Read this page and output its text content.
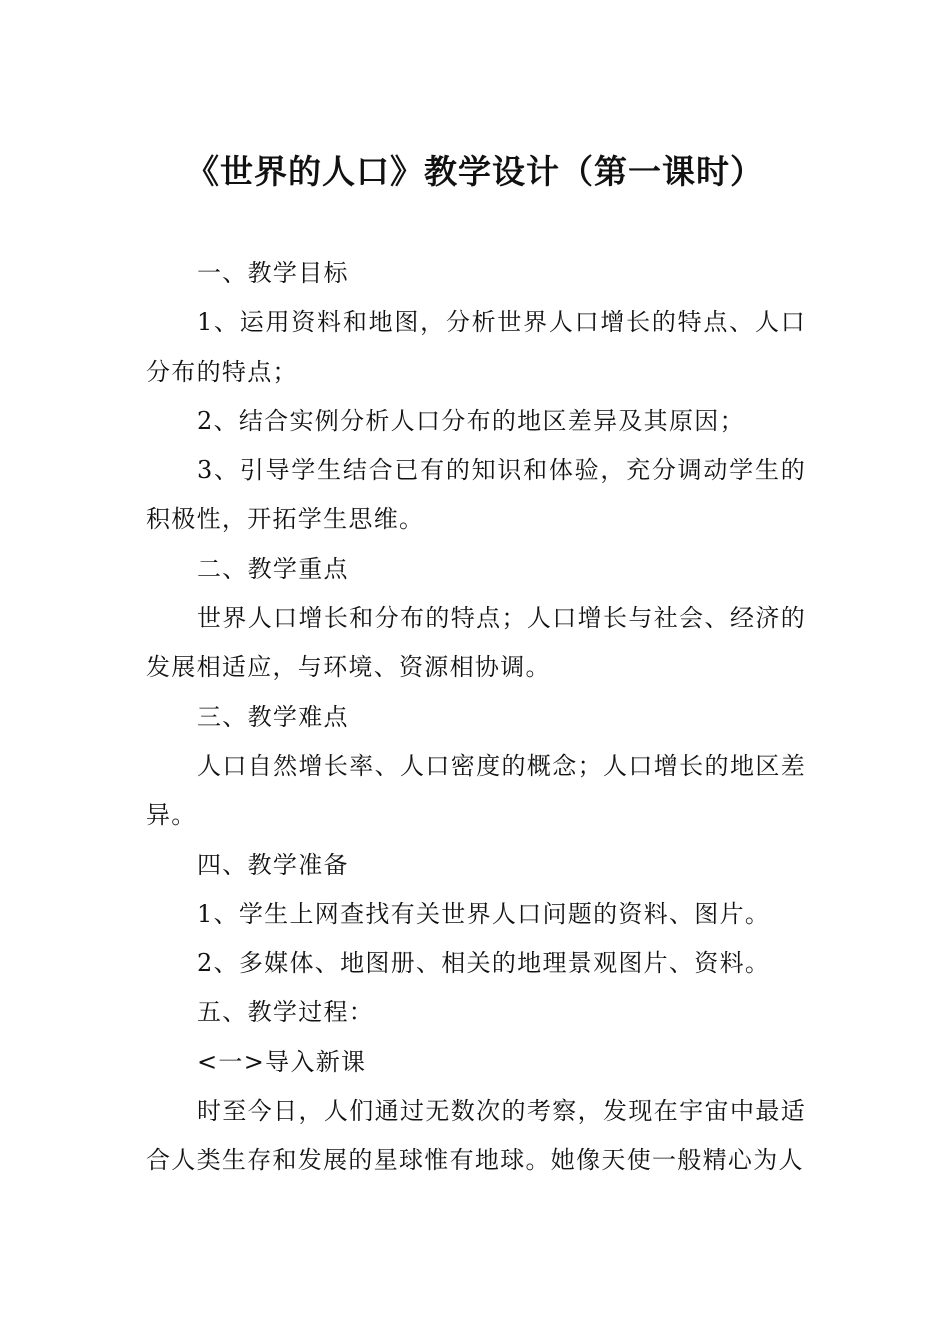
《世界的人口》教学设计（第一课时）

一、教学目标

1、运用资料和地图，分析世界人口增长的特点、人口分布的特点；

2、结合实例分析人口分布的地区差异及其原因；

3、引导学生结合已有的知识和体验，充分调动学生的积极性，开拓学生思维。

二、教学重点

世界人口增长和分布的特点；人口增长与社会、经济的发展相适应，与环境、资源相协调。

三、教学难点

人口自然增长率、人口密度的概念；人口增长的地区差异。

四、教学准备

1、学生上网查找有关世界人口问题的资料、图片。

2、多媒体、地图册、相关的地理景观图片、资料。

五、教学过程：

<一>导入新课

时至今日，人们通过无数次的考察，发现在宇宙中最适合人类生存和发展的星球惟有地球。她像天使一般精心为人
